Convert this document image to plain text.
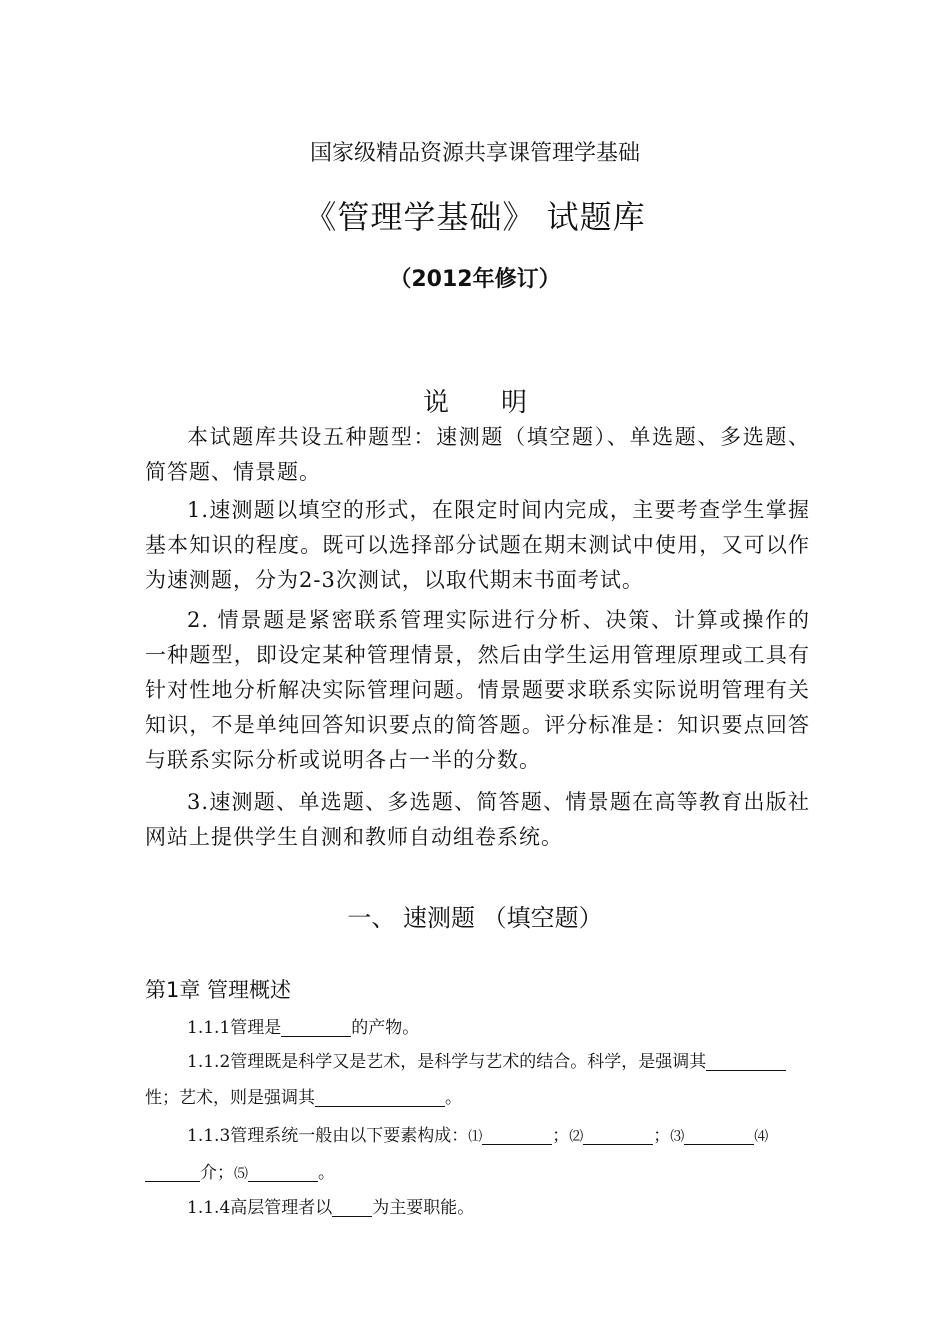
国家级精品资源共享课管理学基础
《管理学基础》 试题库
（2012年修订）
说　　明
本试题库共设五种题型：速测题（填空题）、单选题、多选题、简答题、情景题。
1.速测题以填空的形式，在限定时间内完成，主要考查学生掌握基本知识的程度。既可以选择部分试题在期末测试中使用，又可以作为速测题，分为2-3次测试，以取代期末书面考试。
2. 情景题是紧密联系管理实际进行分析、决策、计算或操作的一种题型，即设定某种管理情景，然后由学生运用管理原理或工具有针对性地分析解决实际管理问题。情景题要求联系实际说明管理有关知识，不是单纯回答知识要点的简答题。评分标准是：知识要点回答与联系实际分析或说明各占一半的分数。
3.速测题、单选题、多选题、简答题、情景题在高等教育出版社网站上提供学生自测和教师自动组卷系统。
一、 速测题 （填空题）
第1章 管理概述
1.1.1管理是	的产物。
1.1.2管理既是科学又是艺术，是科学与艺术的结合。科学，是强调其性；艺术，则是强调其	。
1.1.3管理系统一般由以下要素构成：⑴	；⑵	；⑶	⑷介；⑸	。
1.1.4高层管理者以 为主要职能。
